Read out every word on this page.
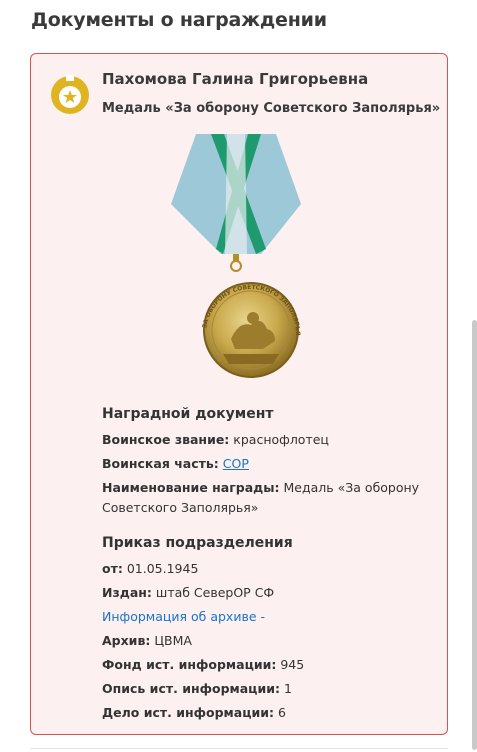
Документы о награждении
Пахомова Галина Григорьевна
Медаль «За оборону Советского Заполярья»
ЗА ОБОРОНУ СОВЕТСКОГО ЗАПОЛЯРЬЯ
Наградной документ
Воинское звание: краснофлотец
Воинская часть: СОР
Наименование награды: Медаль «За оборону Советского Заполярья»
Приказ подразделения
от: 01.05.1945
Издан: штаб СеверОР СФ
Информация об архиве -
Архив: ЦВМА
Фонд ист. информации: 945
Опись ист. информации: 1
Дело ист. информации: 6
